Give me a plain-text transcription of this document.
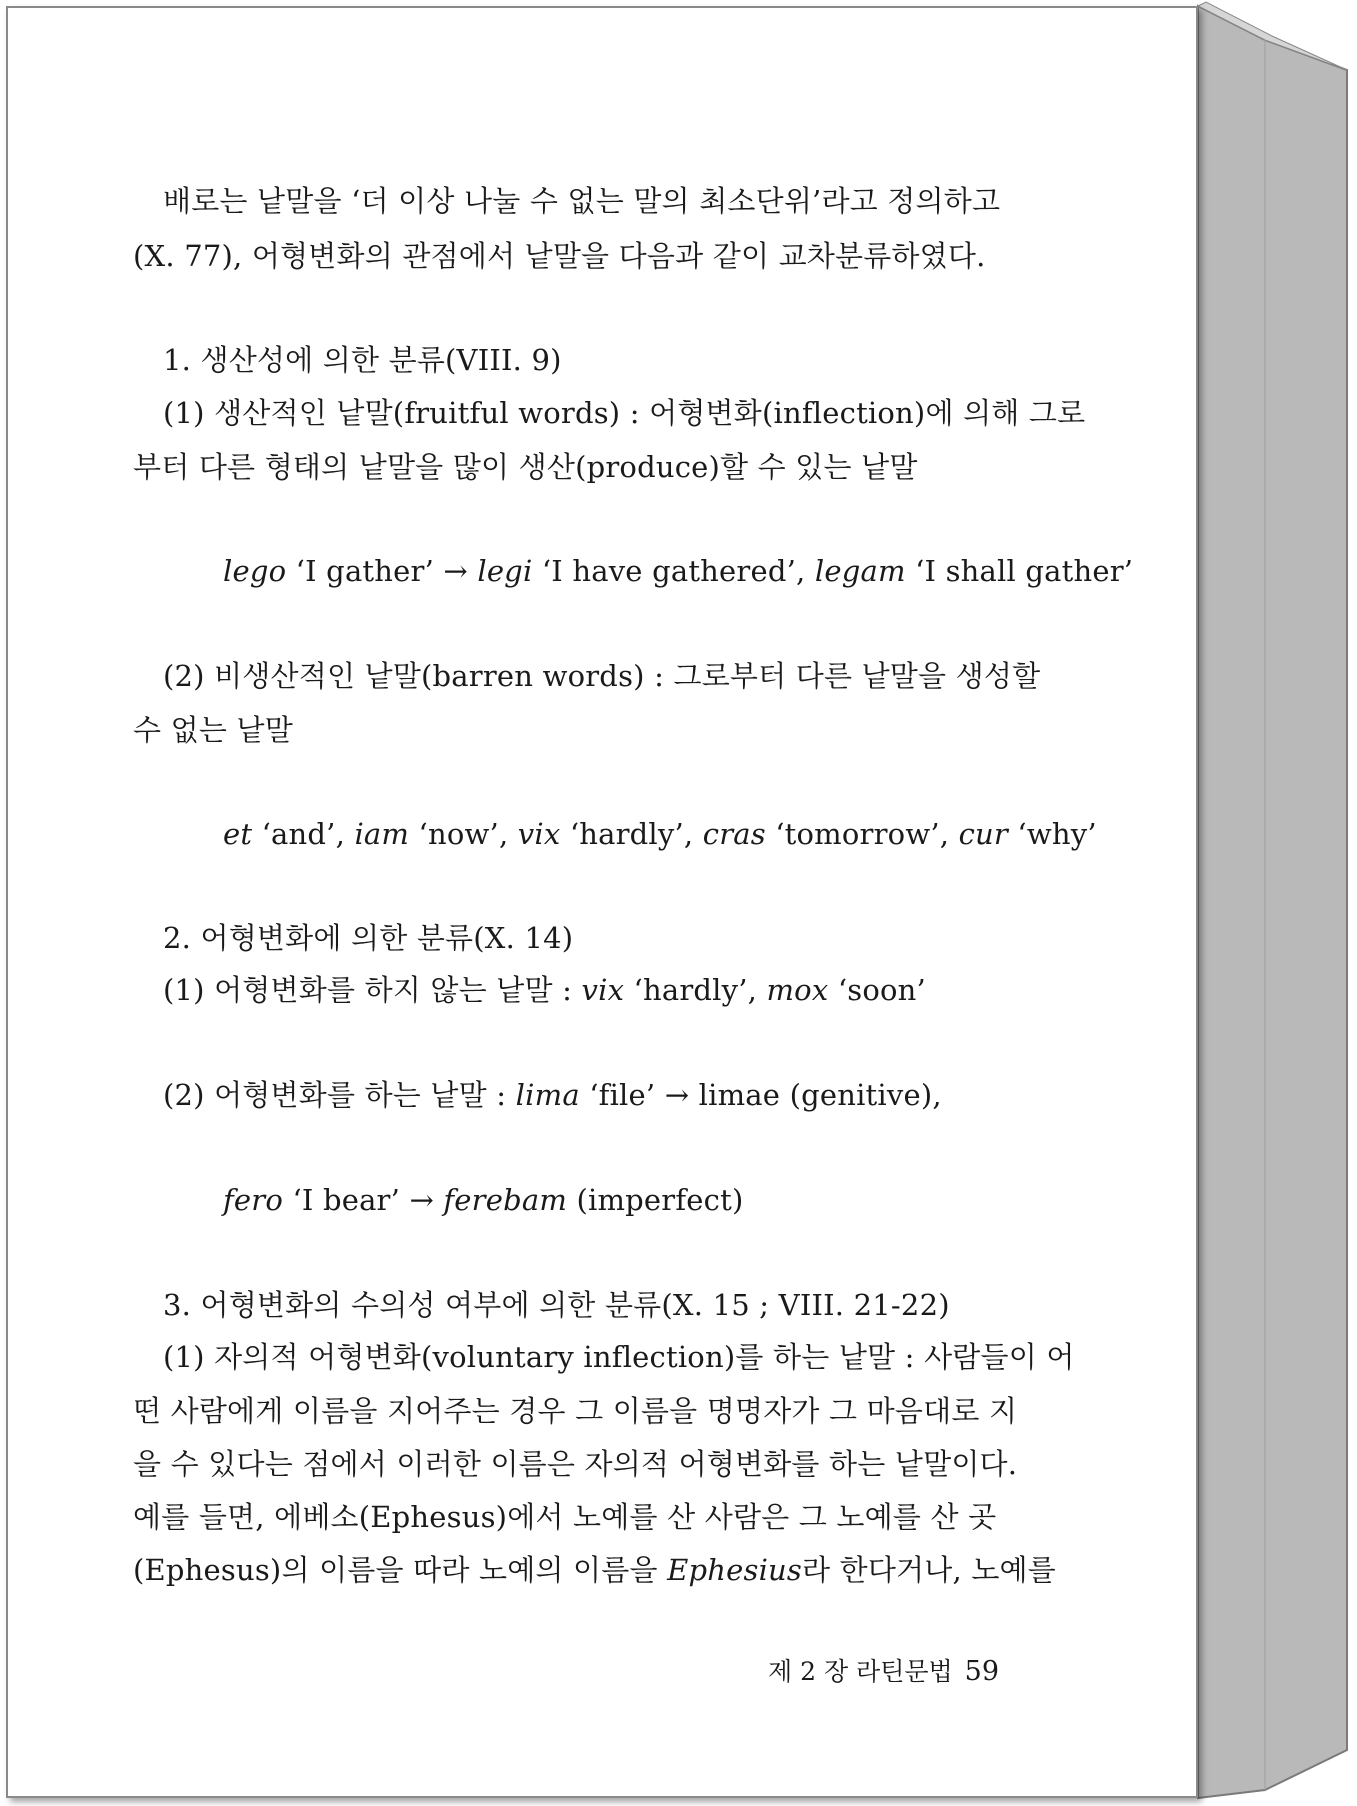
배로는 낱말을 ‘더 이상 나눌 수 없는 말의 최소단위’라고 정의하고
(X. 77), 어형변화의 관점에서 낱말을 다음과 같이 교차분류하였다.
1. 생산성에 의한 분류(VIII. 9)
(1) 생산적인 낱말(fruitful words) : 어형변화(inflection)에 의해 그로
부터 다른 형태의 낱말을 많이 생산(produce)할 수 있는 낱말
lego ‘I gather’ → legi ‘I have gathered’, legam ‘I shall gather’
(2) 비생산적인 낱말(barren words) : 그로부터 다른 낱말을 생성할
수 없는 낱말
et ‘and’, iam ‘now’, vix ‘hardly’, cras ‘tomorrow’, cur ‘why’
2. 어형변화에 의한 분류(X. 14)
(1) 어형변화를 하지 않는 낱말 : vix ‘hardly’, mox ‘soon’
(2) 어형변화를 하는 낱말 : lima ‘file’ → limae (genitive),
fero ‘I bear’ → ferebam (imperfect)
3. 어형변화의 수의성 여부에 의한 분류(X. 15 ; VIII. 21-22)
(1) 자의적 어형변화(voluntary inflection)를 하는 낱말 : 사람들이 어
떤 사람에게 이름을 지어주는 경우 그 이름을 명명자가 그 마음대로 지
을 수 있다는 점에서 이러한 이름은 자의적 어형변화를 하는 낱말이다.
예를 들면, 에베소(Ephesus)에서 노예를 산 사람은 그 노예를 산 곳
(Ephesus)의 이름을 따라 노예의 이름을 Ephesius라 한다거나, 노예를
제 2 장 라틴문법 59
